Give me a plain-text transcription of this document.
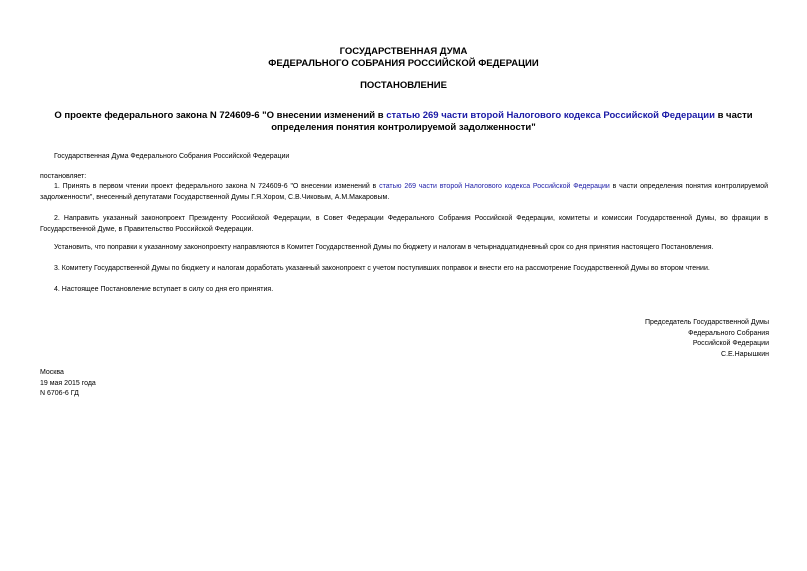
ГОСУДАРСТВЕННАЯ ДУМА
ФЕДЕРАЛЬНОГО СОБРАНИЯ РОССИЙСКОЙ ФЕДЕРАЦИИ
ПОСТАНОВЛЕНИЕ
О проекте федерального закона N 724609-6 "О внесении изменений в статью 269 части второй Налогового кодекса Российской Федерации в части определения понятия контролируемой задолженности"
Государственная Дума Федерального Собрания Российской Федерации
постановляет:
1. Принять в первом чтении проект федерального закона N 724609-6 "О внесении изменений в статью 269 части второй Налогового кодекса Российской Федерации в части определения понятия контролируемой задолженности", внесенный депутатами Государственной Думы Г.Я.Хором, С.В.Чиковым, А.М.Макаровым.
2. Направить указанный законопроект Президенту Российской Федерации, в Совет Федерации Федерального Собрания Российской Федерации, комитеты и комиссии Государственной Думы, во фракции в Государственной Думе, в Правительство Российской Федерации.
Установить, что поправки к указанному законопроекту направляются в Комитет Государственной Думы по бюджету и налогам в четырнадцатидневный срок со дня принятия настоящего Постановления.
3. Комитету Государственной Думы по бюджету и налогам доработать указанный законопроект с учетом поступивших поправок и внести его на рассмотрение Государственной Думы во втором чтении.
4. Настоящее Постановление вступает в силу со дня его принятия.
Председатель Государственной Думы
Федерального Собрания
Российской Федерации
С.Е.Нарышкин
Москва
19 мая 2015 года
N 6706-6 ГД
